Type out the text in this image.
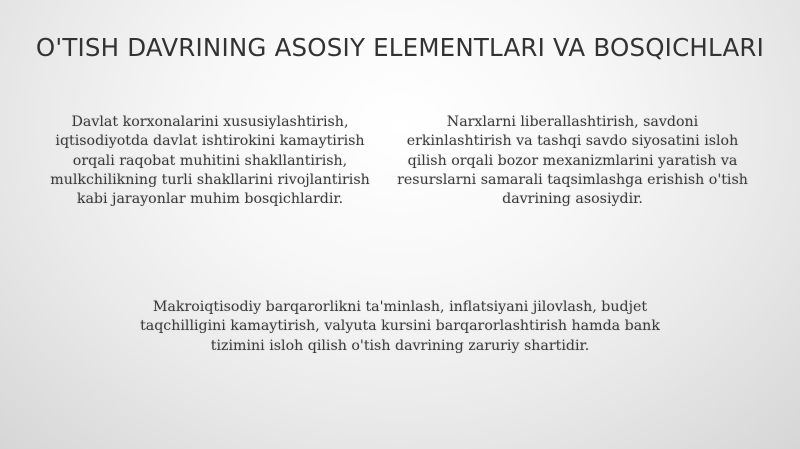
O'TISH DAVRINING ASOSIY ELEMENTLARI VA BOSQICHLARI

Davlat korxonalarini xususiylashtirish, iqtisodiyotda davlat ishtirokini kamaytirish orqali raqobat muhitini shakllantirish, mulkchilikning turli shakllarini rivojlantirish kabi jarayonlar muhim bosqichlardir.

Narxlarni liberallashtirish, savdoni erkinlashtirish va tashqi savdo siyosatini isloh qilish orqali bozor mexanizmlarini yaratish va resurslarni samarali taqsimlashga erishish o'tish davrining asosiydir.

Makroiqtisodiy barqarorlikni ta'minlash, inflatsiyani jilovlash, budjet taqchilligini kamaytirish, valyuta kursini barqarorlashtirish hamda bank tizimini isloh qilish o'tish davrining zaruriy shartidir.
